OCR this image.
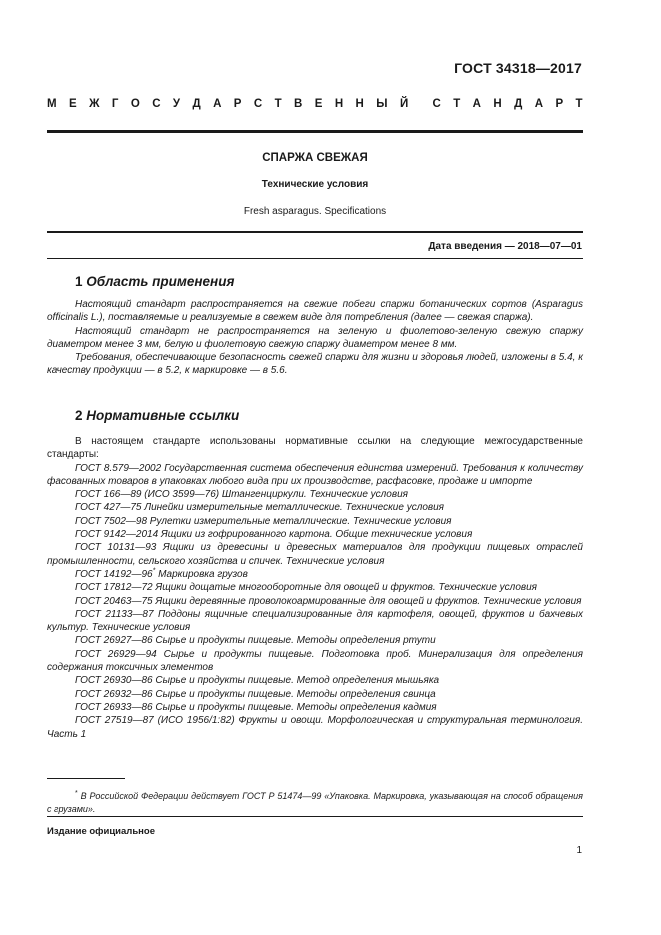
ГОСТ 34318—2017
М Е Ж Г О С У Д А Р С Т В Е Н Н Ы Й С Т А Н Д А Р Т
СПАРЖА СВЕЖАЯ
Технические условия
Fresh asparagus. Specifications
Дата введения — 2018—07—01
1 Область применения

Настоящий стандарт распространяется на свежие побеги спаржи ботанических сортов (Asparagus officinalis L.), поставляемые и реализуемые в свежем виде для потребления (далее — свежая спаржа).

Настоящий стандарт не распространяется на зеленую и фиолетово-зеленую свежую спаржу диаметром менее 3 мм, белую и фиолетовую свежую спаржу диаметром менее 8 мм.

Требования, обеспечивающие безопасность свежей спаржи для жизни и здоровья людей, изложены в 5.4, к качеству продукции — в 5.2, к маркировке — в 5.6.

2 Нормативные ссылки

В настоящем стандарте использованы нормативные ссылки на следующие межгосударственные стандарты:

ГОСТ 8.579—2002 Государственная система обеспечения единства измерений. Требования к количеству фасованных товаров в упаковках любого вида при их производстве, расфасовке, продаже и импорте

ГОСТ 166—89 (ИСО 3599—76) Штангенциркули. Технические условия

ГОСТ 427—75 Линейки измерительные металлические. Технические условия

ГОСТ 7502—98 Рулетки измерительные металлические. Технические условия

ГОСТ 9142—2014 Ящики из гофрированного картона. Общие технические условия

ГОСТ 10131—93 Ящики из древесины и древесных материалов для продукции пищевых отраслей промышленности, сельского хозяйства и спичек. Технические условия

ГОСТ 14192—96* Маркировка грузов

ГОСТ 17812—72 Ящики дощатые многооборотные для овощей и фруктов. Технические условия

ГОСТ 20463—75 Ящики деревянные проволокоармированные для овощей и фруктов. Технические условия

ГОСТ 21133—87 Поддоны ящичные специализированные для картофеля, овощей, фруктов и бахчевых культур. Технические условия

ГОСТ 26927—86 Сырье и продукты пищевые. Методы определения ртути

ГОСТ 26929—94 Сырье и продукты пищевые. Подготовка проб. Минерализация для определения содержания токсичных элементов

ГОСТ 26930—86 Сырье и продукты пищевые. Метод определения мышьяка

ГОСТ 26932—86 Сырье и продукты пищевые. Методы определения свинца

ГОСТ 26933—86 Сырье и продукты пищевые. Методы определения кадмия

ГОСТ 27519—87 (ИСО 1956/1:82) Фрукты и овощи. Морфологическая и структуральная терминология. Часть 1

* В Российской Федерации действует ГОСТ Р 51474—99 «Упаковка. Маркировка, указывающая на способ обращения с грузами».

Издание официальное
1
